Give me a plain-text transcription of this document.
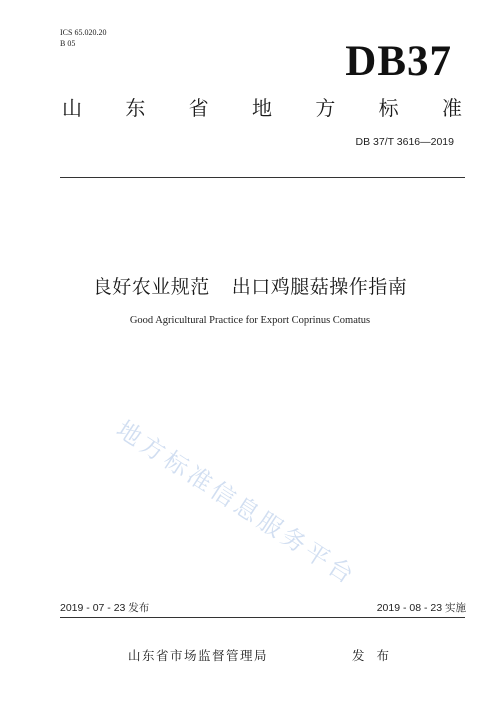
ICS 65.020.20
B 05	DB37
山 东 省 地 方 标 准
DB 37/T 3616—2019
良好农业规范 出口鸡腿菇操作指南
Good Agricultural Practice for Export Coprinus Comatus
地方标准信息服务平台
2019 - 07 - 23 发布	2019 - 08 - 23 实施
山东省市场监督管理局	发 布
